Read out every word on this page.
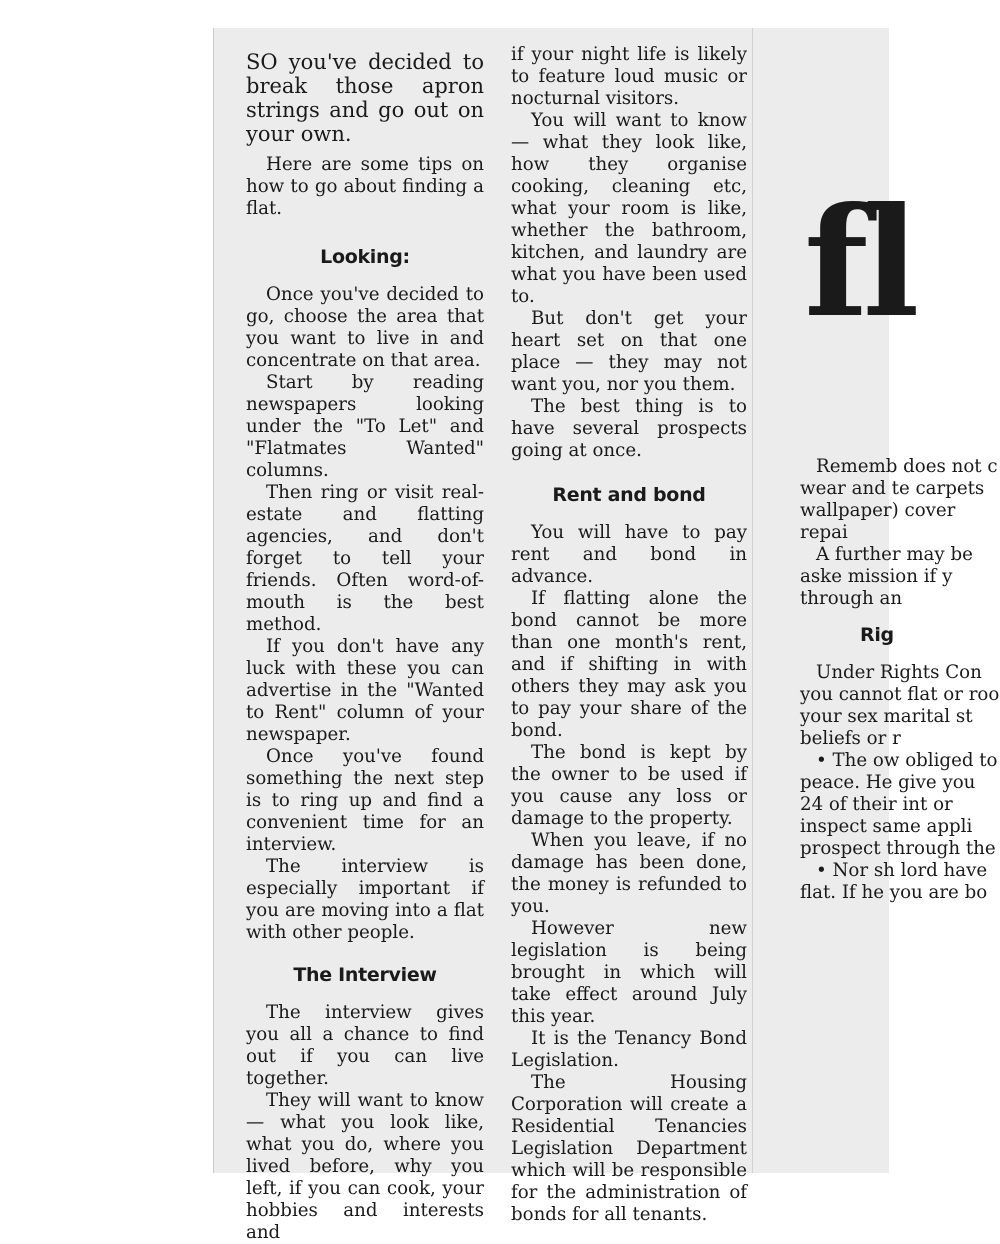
SO you've decided to break those apron strings and go out on your own.

Here are some tips on how to go about finding a flat.

Looking:

Once you've decided to go, choose the area that you want to live in and concentrate on that area.

Start by reading newspapers looking under the "To Let" and "Flatmates Wanted" columns.

Then ring or visit real-estate and flatting agencies, and don't forget to tell your friends. Often word-of-mouth is the best method.

If you don't have any luck with these you can advertise in the "Wanted to Rent" column of your newspaper.

Once you've found something the next step is to ring up and find a convenient time for an interview.

The interview is especially important if you are moving into a flat with other people.

The Interview

The interview gives you all a chance to find out if you can live together.

They will want to know — what you look like, what you do, where you lived before, why you left, if you can cook, your hobbies and interests and

if your night life is likely to feature loud music or nocturnal visitors.

You will want to know — what they look like, how they organise cooking, cleaning etc, what your room is like, whether the bathroom, kitchen, and laundry are what you have been used to.

But don't get your heart set on that one place — they may not want you, nor you them.

The best thing is to have several prospects going at once.

Rent and bond

You will have to pay rent and bond in advance.

If flatting alone the bond cannot be more than one month's rent, and if shifting in with others they may ask you to pay your share of the bond.

The bond is kept by the owner to be used if you cause any loss or damage to the property.

When you leave, if no damage has been done, the money is refunded to you.

However new legislation is being brought in which will take effect around July this year.

It is the Tenancy Bond Legislation.

The Housing Corporation will create a Residential Tenancies Legislation Department which will be responsible for the administration of bonds for all tenants.

fl

Rememb does not c wear and te carpets wallpaper) cover repai

A further may be aske mission if y through an

Rig

Under Rights Con you cannot flat or roo your sex marital st beliefs or r

• The ow obliged to peace. He give you 24 of their int or inspect same appli prospect through the

• Nor sh lord have flat. If he you are bo
